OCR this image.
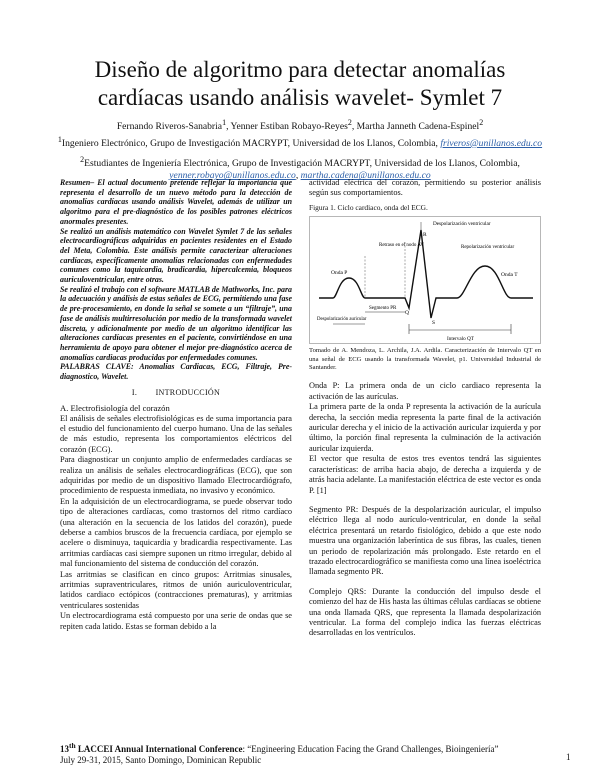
Diseño de algoritmo para detectar anomalías
cardíacas usando análisis wavelet- Symlet 7
Fernando Riveros-Sanabria$^1$, Yenner Estiban Robayo-Reyes$^2$, Martha Janneth Cadena-Espinel$^2$
$^1$Ingeniero Electrónico, Grupo de Investigación MACRYPT, Universidad de los Llanos, Colombia, friveros@unillanos.edu.co
$^2$Estudiantes de Ingeniería Electrónica, Grupo de Investigación MACRYPT, Universidad de los Llanos, Colombia,
yenner.robayo@unillanos.edu.co, martha.cadena@unillanos.edu.co

Resumen– El actual documento pretende reflejar la importancia que representa el desarrollo de un nuevo método para la detección de anomalías cardíacas usando análisis Wavelet, además de utilizar un algoritmo para el pre-diagnóstico de los posibles patrones eléctricos anormales presentes.

Se realizó un análisis matemático con Wavelet Symlet 7 de las señales electrocardiográficas adquiridas en pacientes residentes en el Estado del Meta, Colombia. Este análisis permite caracterizar alteraciones cardíacas, específicamente anomalías relacionadas con enfermedades comunes como la taquicardia, bradicardia, hipercalcemia, bloqueos auriculoventricular, entre otras.

Se realizó el trabajo con el software MATLAB de Mathworks, Inc. para la adecuación y análisis de estas señales de ECG, permitiendo una fase de pre-procesamiento, en donde la señal se somete a un “filtraje”, una fase de análisis multirresolución por medio de la transformada wavelet discreta, y adicionalmente por medio de un algoritmo identificar las alteraciones cardíacas presentes en el paciente, convirtiéndose en una herramienta de apoyo para obtener el mejor pre-diagnóstico acerca de anomalías cardiacas producidas por enfermedades comunes.

PALABRAS CLAVE: Anomalías Cardiacas, ECG, Filtraje, Pre-diagnostico, Wavelet.

I. INTRODUCCIÓN

A. Electrofisiología del corazón

El análisis de señales electrofisiológicas es de suma importancia para el estudio del funcionamiento del cuerpo humano. Una de las señales de más estudio, representa los comportamientos eléctricos del corazón (ECG).

Para diagnosticar un conjunto amplio de enfermedades cardíacas se realiza un análisis de señales electrocardiográficas (ECG), que son adquiridas por medio de un dispositivo llamado Electrocardiógrafo, procedimiento de respuesta inmediata, no invasivo y económico.

En la adquisición de un electrocardiograma, se puede observar todo tipo de alteraciones cardíacas, como trastornos del ritmo cardíaco (una alteración en la secuencia de los latidos del corazón), puede deberse a cambios bruscos de la frecuencia cardíaca, por ejemplo se acelere o disminuya, taquicardia y bradicardia respectivamente. Las arritmias cardíacas casi siempre suponen un ritmo irregular, debido al mal funcionamiento del sistema de conducción del corazón.

Las arritmias se clasifican en cinco grupos: Arritmias sinusales, arritmias supraventriculares, ritmos de unión auriculoventricular, latidos cardiaco ectópicos (contracciones prematuras), y arritmias ventriculares sostenidas

Un electrocardiograma está compuesto por una serie de ondas que se repiten cada latido. Estas se forman debido a la

actividad eléctrica del corazón, permitiendo su posterior análisis según sus comportamientos.

Figura 1. Ciclo cardiaco, onda del ECG.

Despolarización ventricular
Retraso en el nodo AV	Repolarización ventricular
Onda P	Onda T
Despolarización auricular
Segmento PR
Intervalo QT
Q
R
S

Tomado de A. Mendoza, L. Archila, J.A. Ardila. Caracterización de Intervalo QT en una señal de ECG usando la transformada Wavelet, p1. Universidad Industrial de Santander.

Onda P: La primera onda de un ciclo cardiaco representa la activación de las aurículas.

La primera parte de la onda P representa la activación de la aurícula derecha, la sección media representa la parte final de la activación auricular derecha y el inicio de la activación auricular izquierda y por último, la porción final representa la culminación de la activación auricular izquierda.

El vector que resulta de estos tres eventos tendrá las siguientes características: de arriba hacia abajo, de derecha a izquierda y de atrás hacia adelante. La manifestación eléctrica de este vector es onda P. [1]

Segmento PR: Después de la despolarización auricular, el impulso eléctrico llega al nodo aurículo-ventricular, en donde la señal eléctrica presentará un retardo fisiológico, debido a que este nodo muestra una organización laberíntica de sus fibras, las cuales, tienen un periodo de repolarización más prolongado. Este retardo en el trazado electrocardiográfico se manifiesta como una línea isoeléctrica llamada segmento PR.

Complejo QRS: Durante la conducción del impulso desde el comienzo del haz de His hasta las últimas células cardíacas se obtiene una onda llamada QRS, que representa la llamada despolarización ventricular. La forma del complejo indica las fuerzas eléctricas desarrolladas en los ventrículos.

13th LACCEI Annual International Conference: “Engineering Education Facing the Grand Challenges, Bioingeniería”
July 29-31, 2015, Santo Domingo, Dominican Republic	1
